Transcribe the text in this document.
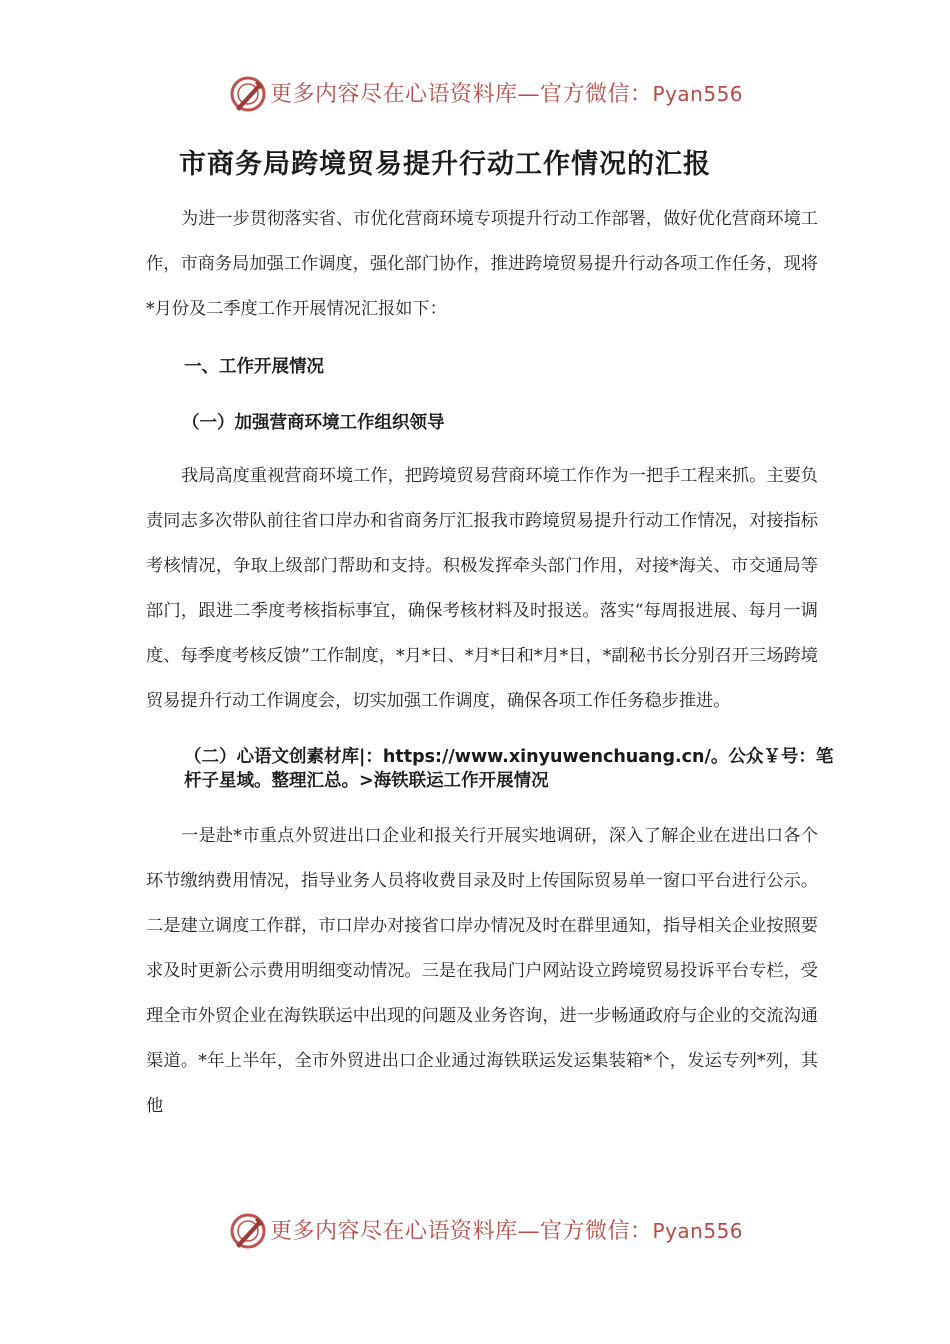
更多内容尽在心语资料库—官方微信：Pyan556
市商务局跨境贸易提升行动工作情况的汇报

为进一步贯彻落实省、市优化营商环境专项提升行动工作部署，做好优化营商环境工作，市商务局加强工作调度，强化部门协作，推进跨境贸易提升行动各项工作任务，现将*月份及二季度工作开展情况汇报如下：

一、工作开展情况

（一）加强营商环境工作组织领导

我局高度重视营商环境工作，把跨境贸易营商环境工作作为一把手工程来抓。主要负责同志多次带队前往省口岸办和省商务厅汇报我市跨境贸易提升行动工作情况，对接指标考核情况，争取上级部门帮助和支持。积极发挥牵头部门作用，对接*海关、市交通局等部门，跟进二季度考核指标事宜，确保考核材料及时报送。落实“每周报进展、每月一调度、每季度考核反馈”工作制度，*月*日、*月*日和*月*日，*副秘书长分别召开三场跨境贸易提升行动工作调度会，切实加强工作调度，确保各项工作任务稳步推进。

（二）心语文创素材库|：https://www.xinyuwenchuang.cn/。公众￥号：笔杆子星域。整理汇总。>海铁联运工作开展情况

一是赴*市重点外贸进出口企业和报关行开展实地调研，深入了解企业在进出口各个环节缴纳费用情况，指导业务人员将收费目录及时上传国际贸易单一窗口平台进行公示。二是建立调度工作群，市口岸办对接省口岸办情况及时在群里通知，指导相关企业按照要求及时更新公示费用明细变动情况。三是在我局门户网站设立跨境贸易投诉平台专栏，受理全市外贸企业在海铁联运中出现的问题及业务咨询，进一步畅通政府与企业的交流沟通渠道。*年上半年，全市外贸进出口企业通过海铁联运发运集装箱*个，发运专列*列，其他

更多内容尽在心语资料库—官方微信：Pyan556
